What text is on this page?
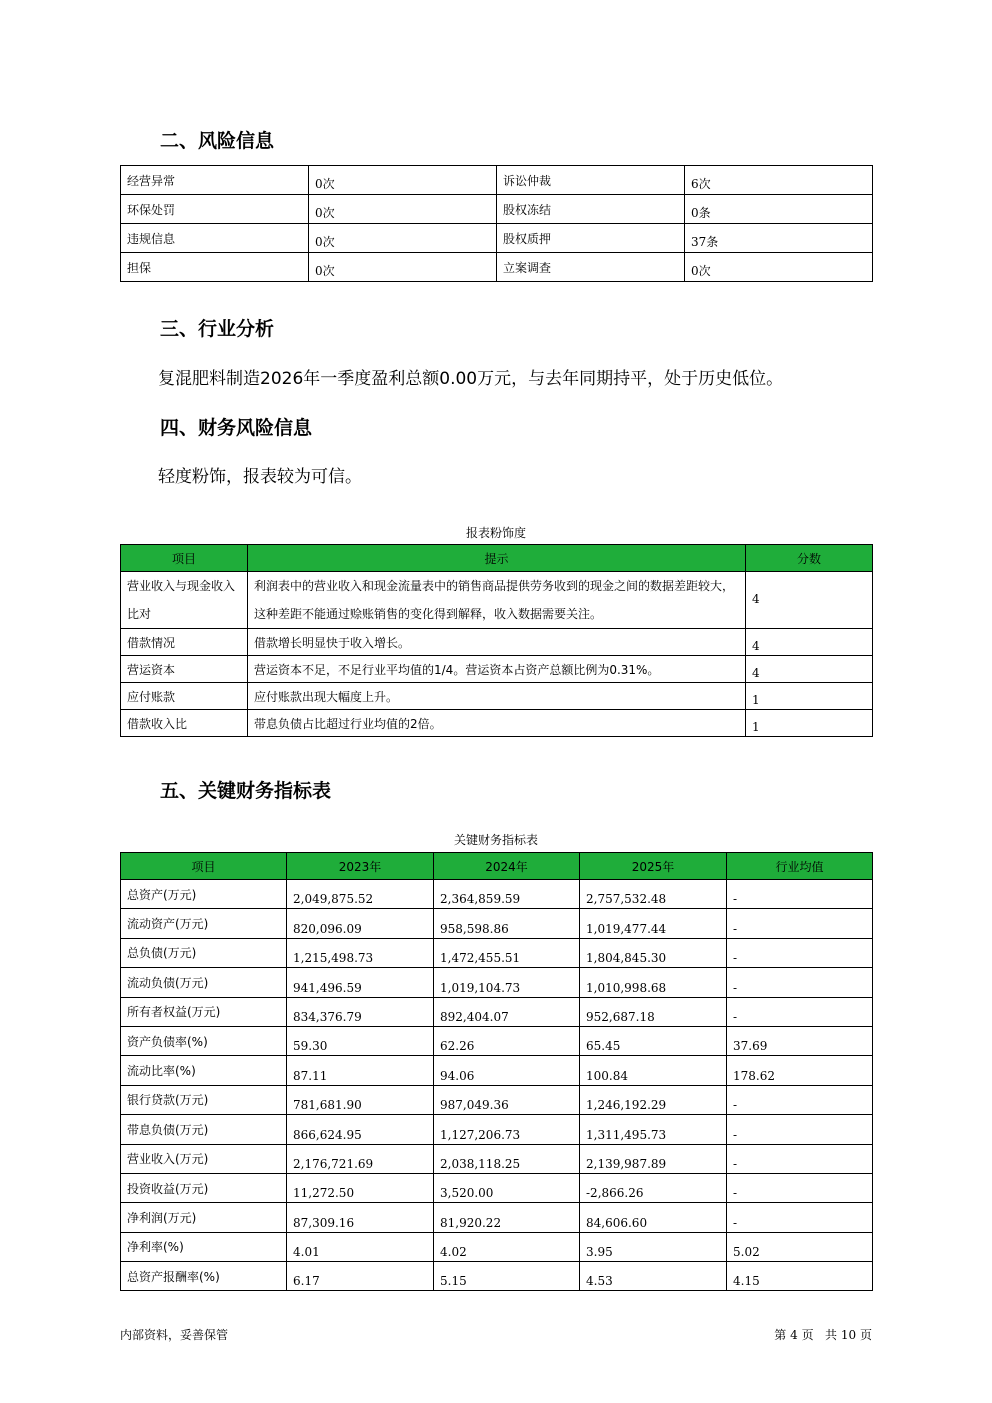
二、风险信息
经营异常	0次	诉讼仲裁	6次
环保处罚	0次	股权冻结	0条
违规信息	0次	股权质押	37条
担保	0次	立案调查	0次
三、行业分析

复混肥料制造2026年一季度盈利总额0.00万元，与去年同期持平，处于历史低位。

四、财务风险信息

轻度粉饰，报表较为可信。

报表粉饰度
项目	提示	分数
营业收入与现金收入比对	利润表中的营业收入和现金流量表中的销售商品提供劳务收到的现金之间的数据差距较大，这种差距不能通过赊账销售的变化得到解释，收入数据需要关注。	4
借款情况	借款增长明显快于收入增长。	4
营运资本	营运资本不足，不足行业平均值的1/4。营运资本占资产总额比例为0.31%。	4
应付账款	应付账款出现大幅度上升。	1
借款收入比	带息负债占比超过行业均值的2倍。	1
五、关键财务指标表
关键财务指标表
项目	2023年	2024年	2025年	行业均值
总资产(万元)	2,049,875.52	2,364,859.59	2,757,532.48	-
流动资产(万元)	820,096.09	958,598.86	1,019,477.44	-
总负债(万元)	1,215,498.73	1,472,455.51	1,804,845.30	-
流动负债(万元)	941,496.59	1,019,104.73	1,010,998.68	-
所有者权益(万元)	834,376.79	892,404.07	952,687.18	-
资产负债率(%)	59.30	62.26	65.45	37.69
流动比率(%)	87.11	94.06	100.84	178.62
银行贷款(万元)	781,681.90	987,049.36	1,246,192.29	-
带息负债(万元)	866,624.95	1,127,206.73	1,311,495.73	-
营业收入(万元)	2,176,721.69	2,038,118.25	2,139,987.89	-
投资收益(万元)	11,272.50	3,520.00	-2,866.26	-
净利润(万元)	87,309.16	81,920.22	84,606.60	-
净利率(%)	4.01	4.02	3.95	5.02
总资产报酬率(%)	6.17	5.15	4.53	4.15
内部资料，妥善保管	第 4 页   共 10 页
